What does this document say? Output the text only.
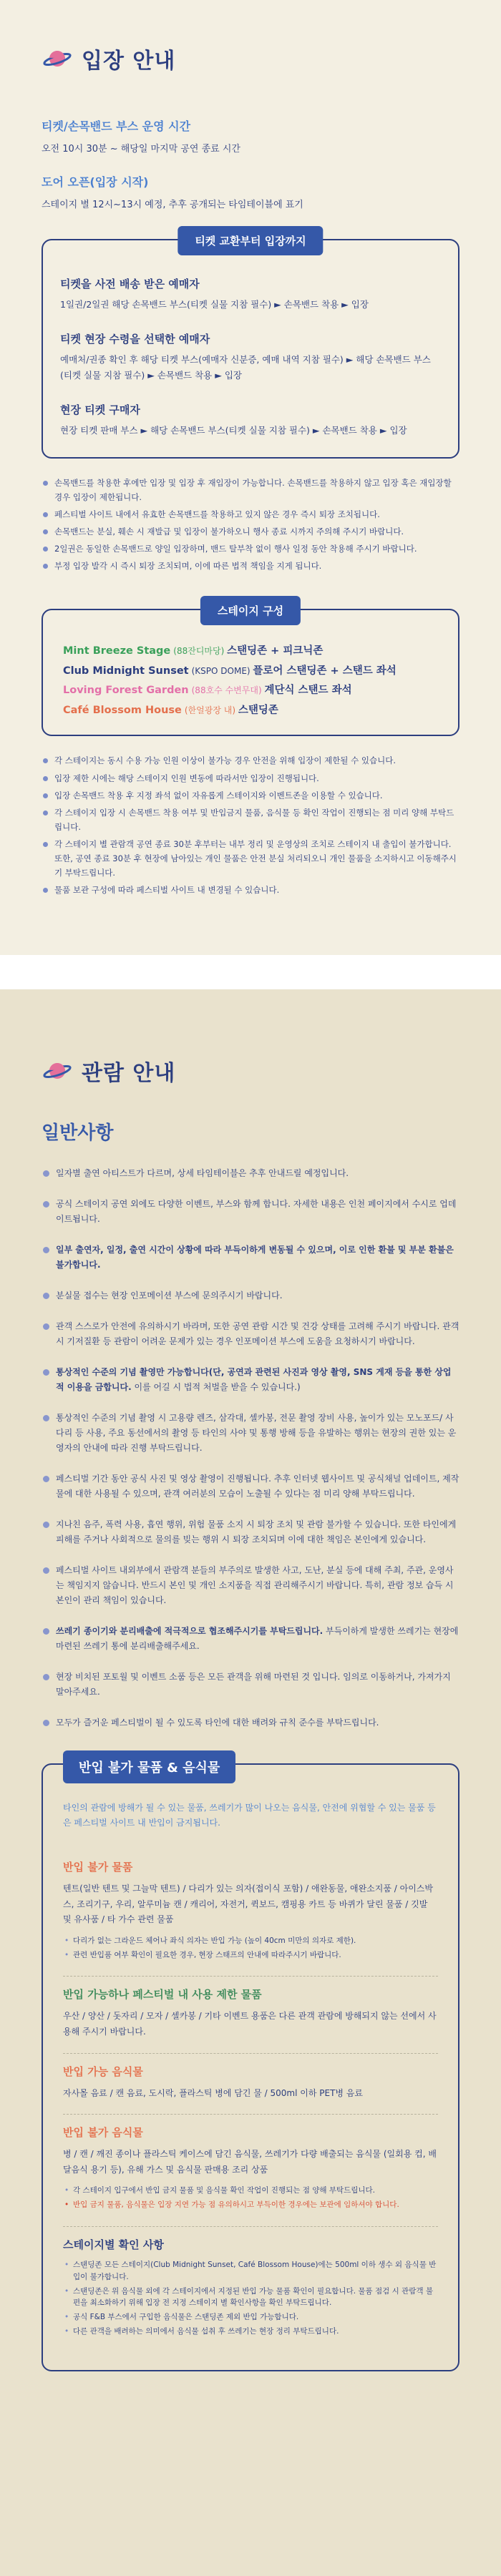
입장 안내
티켓/손목밴드 부스 운영 시간

오전 10시 30분 ~ 해당일 마지막 공연 종료 시간

도어 오픈(입장 시작)

스테이지 별 12시~13시 예정, 추후 공개되는 타임테이블에 표기

티켓 교환부터 입장까지
티켓을 사전 배송 받은 예매자

1일권/2일권 해당 손목밴드 부스(티켓 실물 지참 필수) ► 손목밴드 착용 ► 입장

티켓 현장 수령을 선택한 예매자

예매처/권종 확인 후 해당 티켓 부스(예매자 신분증, 예매 내역 지참 필수) ► 해당 손목밴드 부스(티켓 실물 지참 필수) ► 손목밴드 착용 ► 입장

현장 티켓 구매자

현장 티켓 판매 부스 ► 해당 손목밴드 부스(티켓 실물 지참 필수) ► 손목밴드 착용 ► 입장

손목밴드를 착용한 후에만 입장 및 입장 후 재입장이 가능합니다. 손목밴드를 착용하지 않고 입장 혹은 재입장할 경우 입장이 제한됩니다.
페스티벌 사이트 내에서 유효한 손목밴드를 착용하고 있지 않은 경우 즉시 퇴장 조치됩니다.
손목밴드는 분실, 훼손 시 재발급 및 입장이 불가하오니 행사 종료 시까지 주의해 주시기 바랍니다.
2일권은 동일한 손목밴드로 양일 입장하며, 밴드 탈부착 없이 행사 일정 동안 착용해 주시기 바랍니다.
부정 입장 발각 시 즉시 퇴장 조치되며, 이에 따른 법적 책임을 지게 됩니다.
스테이지 구성
Mint Breeze Stage (88잔디마당) 스탠딩존 + 피크닉존
Club Midnight Sunset (KSPO DOME) 플로어 스탠딩존 + 스탠드 좌석
Loving Forest Garden (88호수 수변무대) 계단식 스탠드 좌석
Café Blossom House (한얼광장 내) 스탠딩존
각 스테이지는 동시 수용 가능 인원 이상이 불가능 경우 안전을 위해 입장이 제한될 수 있습니다.
입장 제한 시에는 해당 스테이지 인원 변동에 따라서만 입장이 진행됩니다.
입장 손목밴드 착용 후 지정 좌석 없이 자유롭게 스테이지와 이벤트존을 이용할 수 있습니다.
각 스테이지 입장 시 손목밴드 착용 여부 및 반입금지 물품, 음식물 등 확인 작업이 진행되는 점 미리 양해 부탁드립니다.
각 스테이지 별 관람객 공연 종료 30분 후부터는 내부 정리 및 운영상의 조치로 스테이지 내 출입이 불가합니다. 또한, 공연 종료 30분 후 현장에 남아있는 개인 물품은 안전 분실 처리되오니 개인 물품을 소지하시고 이동해주시기 부탁드립니다.
물품 보관 구성에 따라 페스티벌 사이트 내 변경될 수 있습니다.
관람 안내
일반사항
일자별 출연 아티스트가 다르며, 상세 타임테이블은 추후 안내드릴 예정입니다.
공식 스테이지 공연 외에도 다양한 이벤트, 부스와 함께 합니다. 자세한 내용은 인천 페이지에서 수시로 업데이트됩니다.
일부 출연자, 일정, 출연 시간이 상황에 따라 부득이하게 변동될 수 있으며, 이로 인한 환불 및 부분 환불은 불가합니다.
분실물 접수는 현장 인포메이션 부스에 문의주시기 바랍니다.
관객 스스로가 안전에 유의하시기 바라며, 또한 공연 관람 시간 및 건강 상태를 고려해 주시기 바랍니다. 관객 시 기저질환 등 관람이 어려운 문제가 있는 경우 인포메이션 부스에 도움을 요청하시기 바랍니다.
통상적인 수준의 기념 촬영만 가능합니다(단, 공연과 관련된 사진과 영상 촬영, SNS 게재 등을 통한 상업적 이용을 금합니다. 이를 어길 시 법적 처벌을 받을 수 있습니다.)
통상적인 수준의 기념 촬영 시 고용량 렌즈, 삼각대, 셀카봉, 전문 촬영 장비 사용, 높이가 있는 모노포드/ 사다리 등 사용, 주요 동선에서의 촬영 등 타인의 사야 및 통행 방해 등을 유발하는 행위는 현장의 권한 있는 운영자의 안내에 따라 진행 부탁드립니다.
페스티벌 기간 동안 공식 사진 및 영상 촬영이 진행됩니다. 추후 인터넷 웹사이트 및 공식채널 업데이트, 제작물에 대한 사용될 수 있으며, 관객 여러분의 모습이 노출될 수 있다는 점 미리 양해 부탁드립니다.
지나친 음주, 폭력 사용, 흡연 행위, 위험 물품 소지 시 퇴장 조치 및 관람 불가할 수 있습니다. 또한 타인에게 피해를 주거나 사회적으로 물의를 빚는 행위 시 퇴장 조치되며 이에 대한 책임은 본인에게 있습니다.
페스티벌 사이트 내외부에서 관람객 분들의 부주의로 발생한 사고, 도난, 분실 등에 대해 주최, 주관, 운영사는 책임지지 않습니다. 반드시 본인 및 개인 소지품을 직접 관리해주시기 바랍니다. 특히, 관람 정보 습득 시 본인이 관리 책임이 있습니다.
쓰레기 종이기와 분리배출에 적극적으로 협조해주시기를 부탁드립니다. 부득이하게 발생한 쓰레기는 현장에 마련된 쓰레기 통에 분리배출해주세요.
현장 비치된 포토월 및 이벤트 소품 등은 모든 관객을 위해 마련된 것 입니다. 임의로 이동하거나, 가져가지 말아주세요.
모두가 즐거운 페스티벌이 될 수 있도록 타인에 대한 배려와 규칙 준수를 부탁드립니다.
반입 불가 물품 & 음식물

타인의 관람에 방해가 될 수 있는 물품, 쓰레기가 많이 나오는 음식물, 안전에 위협할 수 있는 물품 등은 페스티벌 사이트 내 반입이 금지됩니다.

반입 불가 물품

텐트(일반 텐트 및 그늘막 텐트) / 다리가 있는 의자(접이식 포함) / 애완동물, 애완소지품 / 아이스박스, 조리기구, 우리, 알루미늄 캔 / 캐리어, 자전거, 퀵보드, 캠핑용 카트 등 바퀴가 달린 물품 / 깃발 및 유사품 / 타 가수 관련 물품

• 다리가 없는 그라운드 체어나 좌식 의자는 반입 가능 (높이 40cm 미만의 의자로 제한).
• 관련 반입품 여부 확인이 필요한 경우, 현장 스태프의 안내에 따라주시기 바랍니다.
반입 가능하나 페스티벌 내 사용 제한 물품

우산 / 양산 / 돗자리 / 모자 / 셀카봉 / 기타 이벤트 용품은 다른 관객 관람에 방해되지 않는 선에서 사용해 주시기 바랍니다.

반입 가능 음식물

자사몰 음료 / 캔 음료, 도시락, 플라스틱 병에 담긴 물 / 500ml 이하 PET병 음료

반입 불가 음식물

병 / 캔 / 깨진 종이나 플라스틱 케이스에 담긴 음식물, 쓰레기가 다량 배출되는 음식물 (일회용 컵, 배달음식 용기 등), 유해 가스 및 음식물 판매용 조리 상품

• 각 스테이지 입구에서 반입 금지 물품 및 음식물 확인 작업이 진행되는 점 양해 부탁드립니다.
• 반입 금지 물품, 음식물은 입장 지연 가능 점 유의하시고 부득이한 경우에는 보관에 임하셔야 합니다.
스테이지별 확인 사항
• 스탠딩존 모든 스테이지(Club Midnight Sunset, Café Blossom House)에는 500ml 이하 생수 외 음식물 반입이 불가합니다.
• 스탠딩존은 위 음식물 외에 각 스테이지에서 지정된 반입 가능 물품 확인이 필요합니다. 물품 점검 시 관람객 불편을 최소화하기 위해 입장 전 지정 스테이지 별 확인사항을 확인 부탁드립니다.
• 공식 F&B 부스에서 구입한 음식물은 스탠딩존 제외 반입 가능합니다.
• 다른 관객을 배려하는 의미에서 음식물 섭취 후 쓰레기는 현장 정리 부탁드립니다.
